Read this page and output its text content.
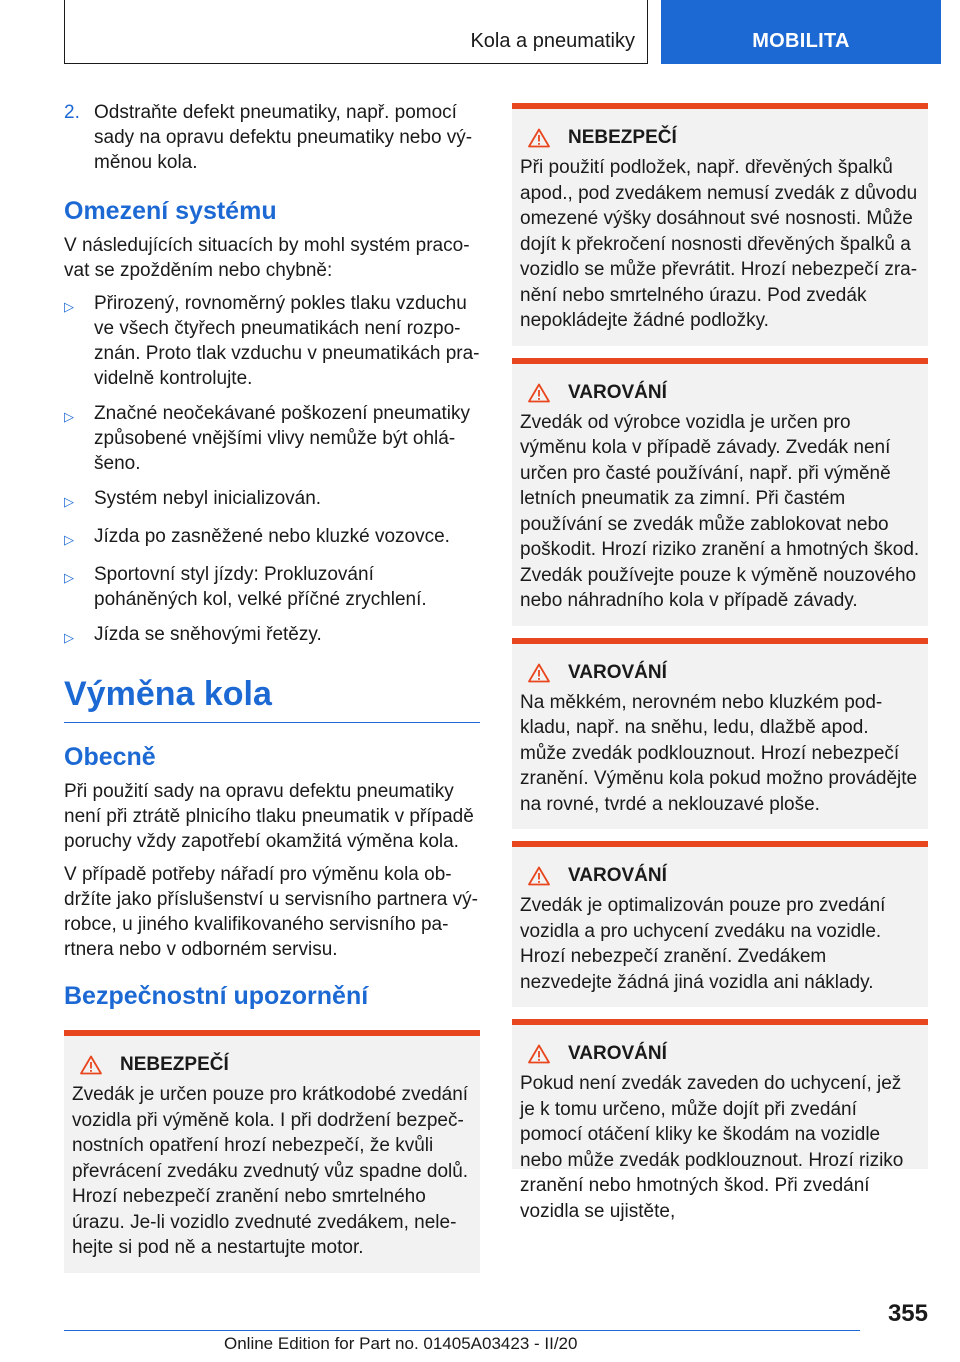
Kola a pneumatiky	MOBILITA
2. Odstraňte defekt pneumatiky, např. pomocí sady na opravu defektu pneumatiky nebo výměnou kola.
Omezení systému

V následujících situacích by mohl systém pracovat se zpožděním nebo chybně:

▷	Přirozený, rovnoměrný pokles tlaku vzduchu ve všech čtyřech pneumatikách není rozpoznán. Proto tlak vzduchu v pneumatikách pravidelně kontrolujte.
▷	Značné neočekávané poškození pneumatiky způsobené vnějšími vlivy nemůže být ohlášeno.
▷	Systém nebyl inicializován.
▷	Jízda po zasněžené nebo kluzké vozovce.
▷	Sportovní styl jízdy: Prokluzování poháněných kol, velké příčné zrychlení.
▷	Jízda se sněhovými řetězy.
Výměna kola
Obecně

Při použití sady na opravu defektu pneumatiky není při ztrátě plnicího tlaku pneumatik v případě poruchy vždy zapotřebí okamžitá výměna kola.

V případě potřeby nářadí pro výměnu kola obdržíte jako příslušenství u servisního partnera výrobce, u jiného kvalifikovaného servisního partnera nebo v odborném servisu.

Bezpečnostní upozornění
NEBEZPEČÍ

Zvedák je určen pouze pro krátkodobé zvedání vozidla při výměně kola. I při dodržení bezpečnostních opatření hrozí nebezpečí, že kvůli převrácení zvedáku zvednutý vůz spadne dolů. Hrozí nebezpečí zranění nebo smrtelného úrazu. Je-li vozidlo zvednuté zvedákem, nelehejte si pod ně a nestartujte motor.

NEBEZPEČÍ

Při použití podložek, např. dřevěných špalků apod., pod zvedákem nemusí zvedák z důvodu omezené výšky dosáhnout své nosnosti. Může dojít k překročení nosnosti dřevěných špalků a vozidlo se může převrátit. Hrozí nebezpečí zranění nebo smrtelného úrazu. Pod zvedák nepokládejte žádné podložky.

VAROVÁNÍ

Zvedák od výrobce vozidla je určen pro výměnu kola v případě závady. Zvedák není určen pro časté používání, např. při výměně letních pneumatik za zimní. Při častém používání se zvedák může zablokovat nebo poškodit. Hrozí riziko zranění a hmotných škod. Zvedák používejte pouze k výměně nouzového nebo náhradního kola v případě závady.

VAROVÁNÍ

Na měkkém, nerovném nebo kluzkém podkladu, např. na sněhu, ledu, dlažbě apod. může zvedák podklouznout. Hrozí nebezpečí zranění. Výměnu kola pokud možno provádějte na rovné, tvrdé a neklouzavé ploše.

VAROVÁNÍ

Zvedák je optimalizován pouze pro zvedání vozidla a pro uchycení zvedáku na vozidle. Hrozí nebezpečí zranění. Zvedákem nezvedejte žádná jiná vozidla ani náklady.

VAROVÁNÍ

Pokud není zvedák zaveden do uchycení, jež je k tomu určeno, může dojít při zvedání pomocí otáčení kliky ke škodám na vozidle nebo může zvedák podklouznout. Hrozí riziko zranění nebo hmotných škod. Při zvedání vozidla se ujistěte,

355
Online Edition for Part no. 01405A03423 - II/20
